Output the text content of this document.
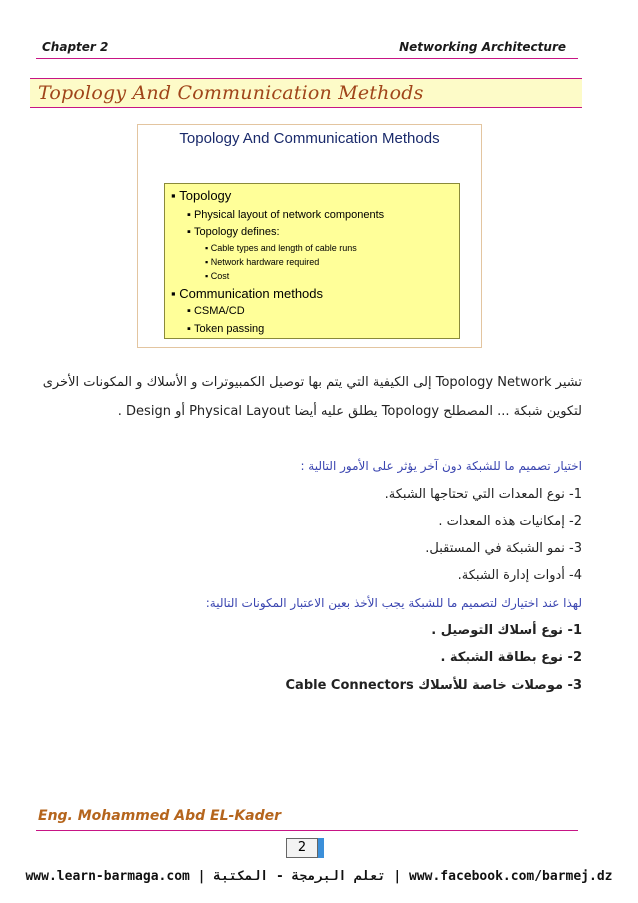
Chapter 2	Networking Architecture
Topology And Communication Methods
Topology And Communication Methods
▪ Topology
▪ Physical layout of network components
▪ Topology defines:
▪ Cable types and length of cable runs
▪ Network hardware required
▪ Cost
▪ Communication methods
▪ CSMA/CD
▪ Token passing
تشير Topology Network إلى الكيفية التي يتم بها توصيل الكمبيوترات و الأسلاك و المكونات الأخرى
لتكوين شبكة ... المصطلح Topology يطلق عليه أيضا Physical Layout أو Design .
اختيار تصميم ما للشبكة دون آخر يؤثر على الأمور التالية :
1- نوع المعدات التي تحتاجها الشبكة.
2- إمكانيات هذه المعدات .
3- نمو الشبكة في المستقبل.
4- أدوات إدارة الشبكة.
لهذا عند اختيارك لتصميم ما للشبكة يجب الأخذ بعين الاعتبار المكونات التالية:
1- نوع أسلاك التوصيل .
2- نوع بطاقة الشبكة .
3- موصلات خاصة للأسلاك Cable Connectors
Eng. Mohammed Abd EL-Kader
2
www.learn-barmaga.com | تعلم البرمجة - المكتبة | www.facebook.com/barmej.dz
